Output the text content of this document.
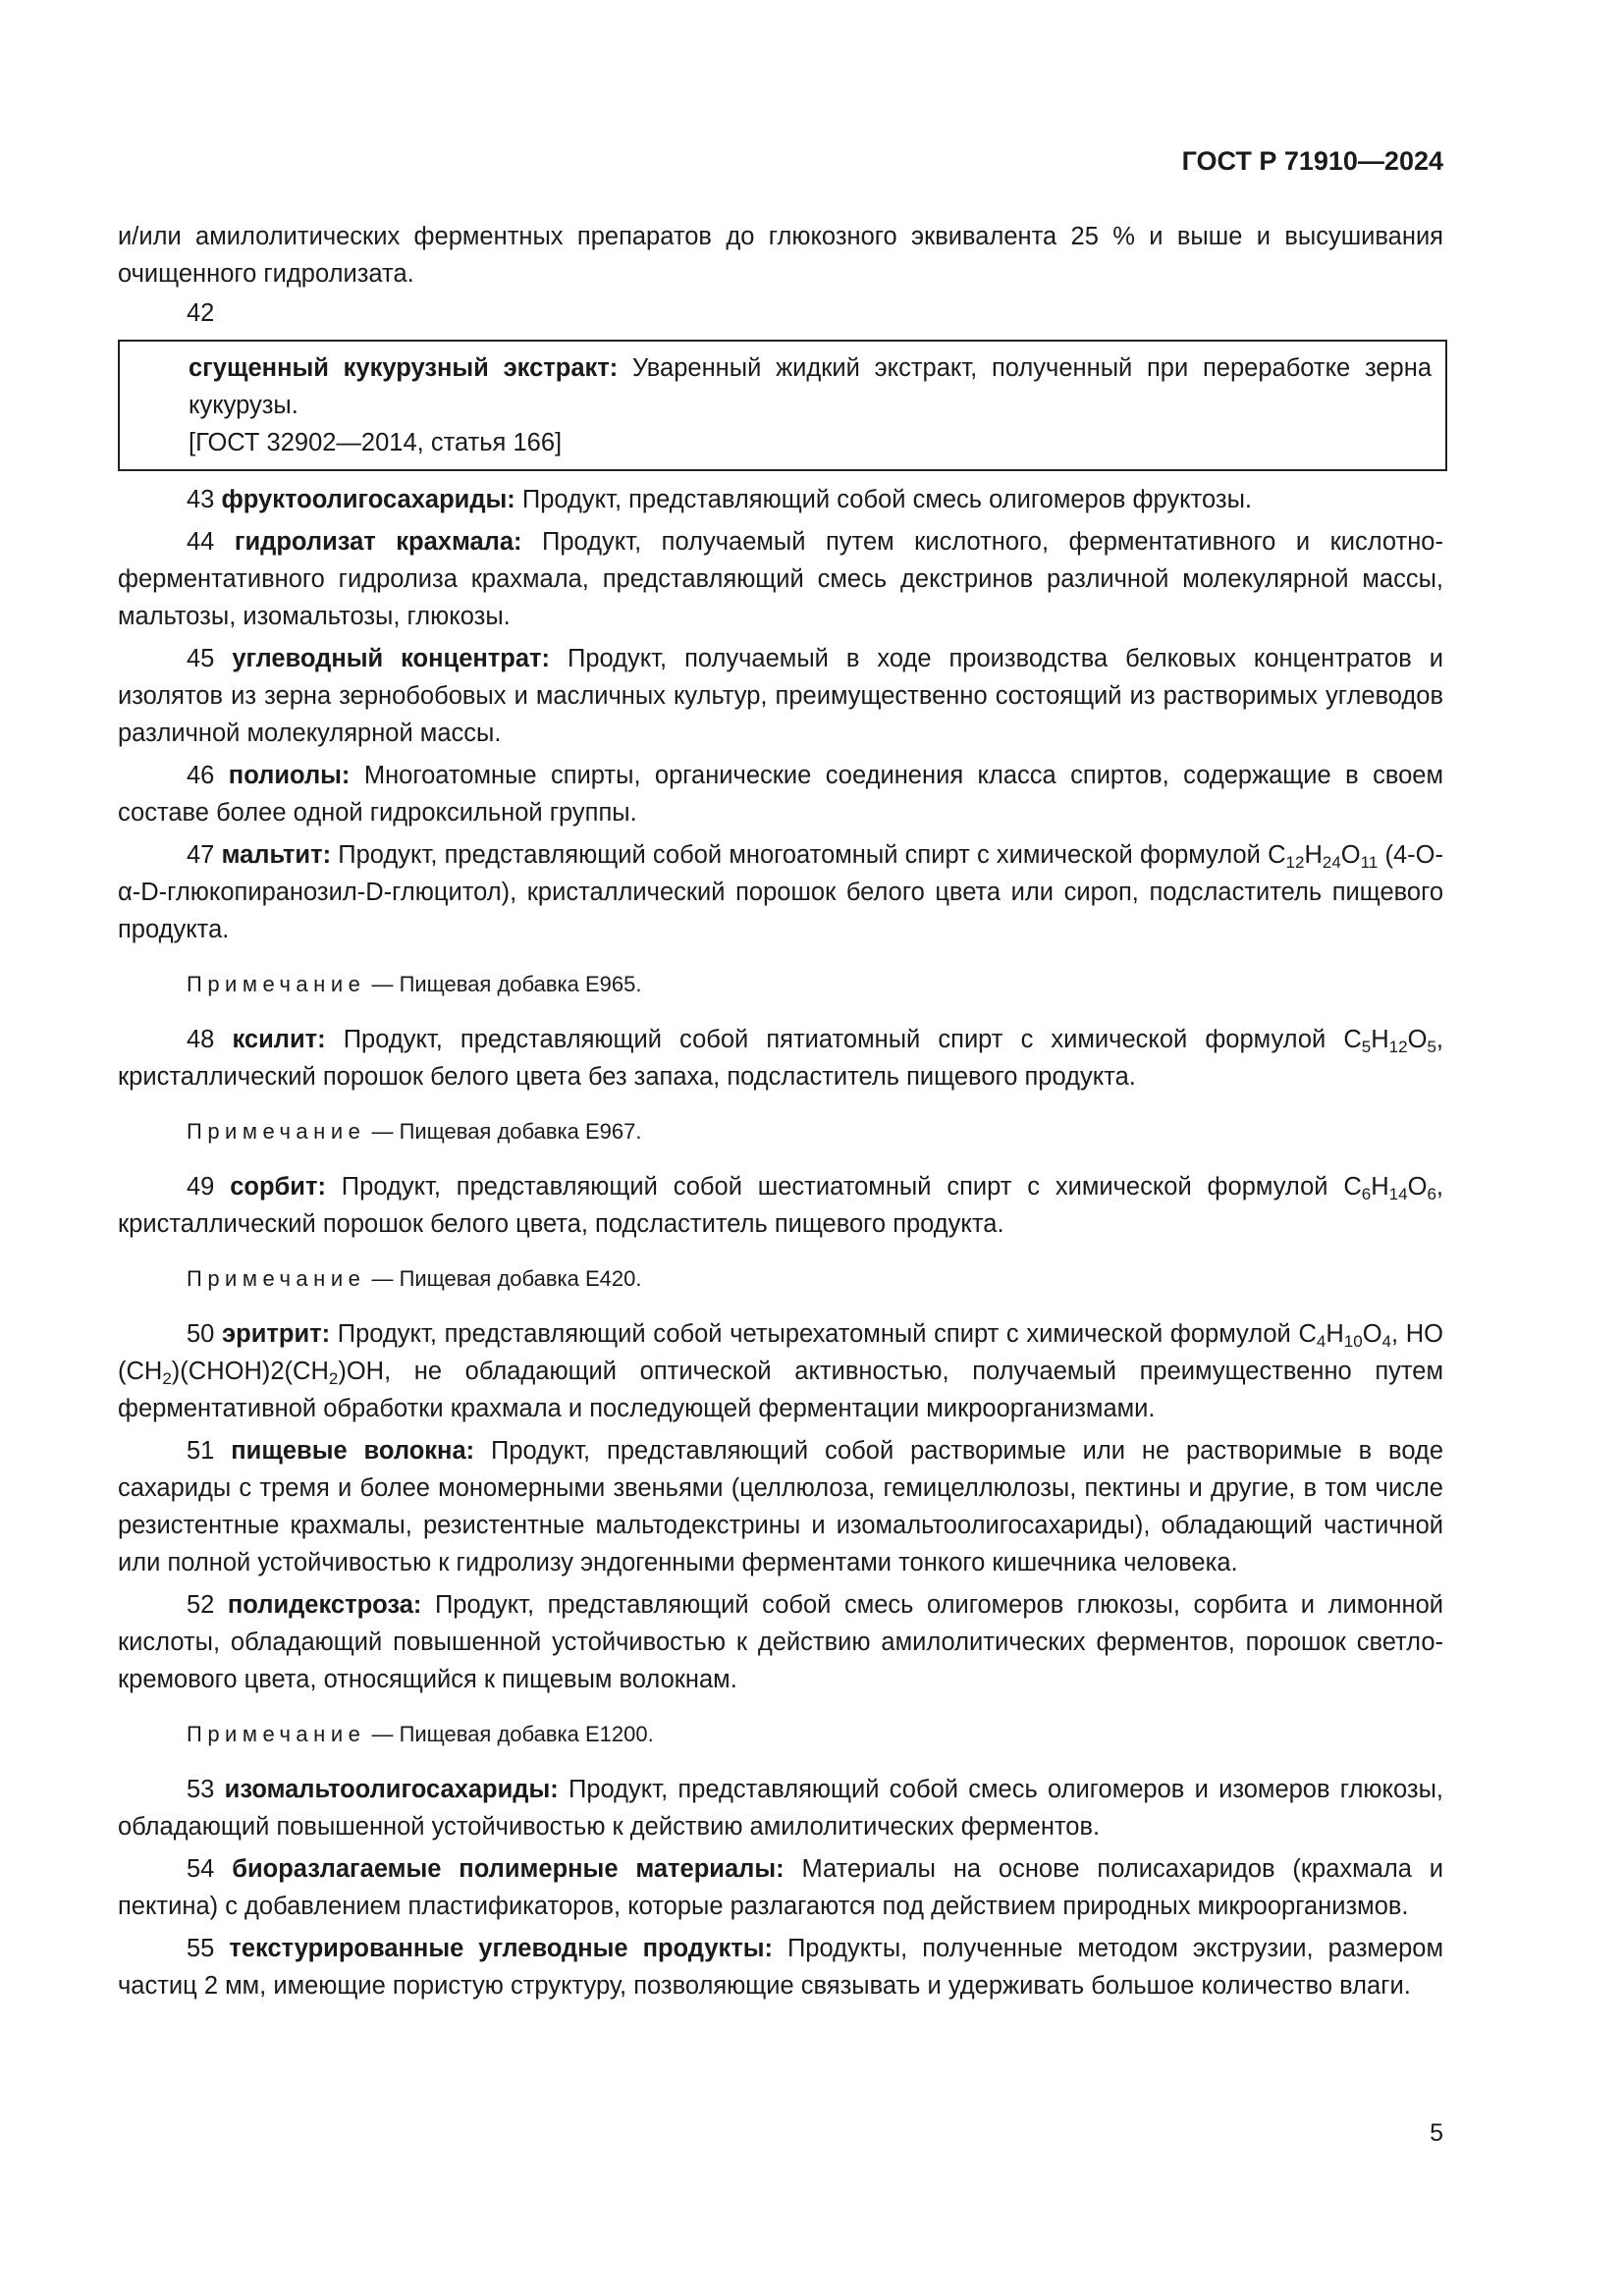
ГОСТ Р 71910—2024

и/или амилолитических ферментных препаратов до глюкозного эквивалента 25 % и выше и высушивания очищенного гидролизата.

42

сгущенный кукурузный экстракт: Уваренный жидкий экстракт, полученный при переработке зерна кукурузы.

[ГОСТ 32902—2014, статья 166]

43 фруктоолигосахариды: Продукт, представляющий собой смесь олигомеров фруктозы.

44 гидролизат крахмала: Продукт, получаемый путем кислотного, ферментативного и кислотно-ферментативного гидролиза крахмала, представляющий смесь декстринов различной молекулярной массы, мальтозы, изомальтозы, глюкозы.

45 углеводный концентрат: Продукт, получаемый в ходе производства белковых концентратов и изолятов из зерна зернобобовых и масличных культур, преимущественно состоящий из растворимых углеводов различной молекулярной массы.

46 полиолы: Многоатомные спирты, органические соединения класса спиртов, содержащие в своем составе более одной гидроксильной группы.

47 мальтит: Продукт, представляющий собой многоатомный спирт с химической формулой $C_{12}H_{24}O_{11}$ (4-О-α-D-глюкопиранозил-D-глюцитол), кристаллический порошок белого цвета или сироп, подсластитель пищевого продукта.

Примечание — Пищевая добавка Е965.

48 ксилит: Продукт, представляющий собой пятиатомный спирт с химической формулой $C_5H_{12}O_5$, кристаллический порошок белого цвета без запаха, подсластитель пищевого продукта.

Примечание — Пищевая добавка Е967.

49 сорбит: Продукт, представляющий собой шестиатомный спирт с химической формулой $C_6H_{14}O_6$, кристаллический порошок белого цвета, подсластитель пищевого продукта.

Примечание — Пищевая добавка Е420.

50 эритрит: Продукт, представляющий собой четырехатомный спирт с химической формулой $C_4H_{10}O_4$, HO $(CH_2)(CHOH)2(CH_2)OH$, не обладающий оптической активностью, получаемый преимущественно путем ферментативной обработки крахмала и последующей ферментации микроорганизмами.

51 пищевые волокна: Продукт, представляющий собой растворимые или не растворимые в воде сахариды с тремя и более мономерными звеньями (целлюлоза, гемицеллюлозы, пектины и другие, в том числе резистентные крахмалы, резистентные мальтодекстрины и изомальтоолигосахариды), обладающий частичной или полной устойчивостью к гидролизу эндогенными ферментами тонкого кишечника человека.

52 полидекстроза: Продукт, представляющий собой смесь олигомеров глюкозы, сорбита и лимонной кислоты, обладающий повышенной устойчивостью к действию амилолитических ферментов, порошок светло-кремового цвета, относящийся к пищевым волокнам.

Примечание — Пищевая добавка Е1200.

53 изомальтоолигосахариды: Продукт, представляющий собой смесь олигомеров и изомеров глюкозы, обладающий повышенной устойчивостью к действию амилолитических ферментов.

54 биоразлагаемые полимерные материалы: Материалы на основе полисахаридов (крахмала и пектина) с добавлением пластификаторов, которые разлагаются под действием природных микроорганизмов.

55 текстурированные углеводные продукты: Продукты, полученные методом экструзии, размером частиц 2 мм, имеющие пористую структуру, позволяющие связывать и удерживать большое количество влаги.

5
